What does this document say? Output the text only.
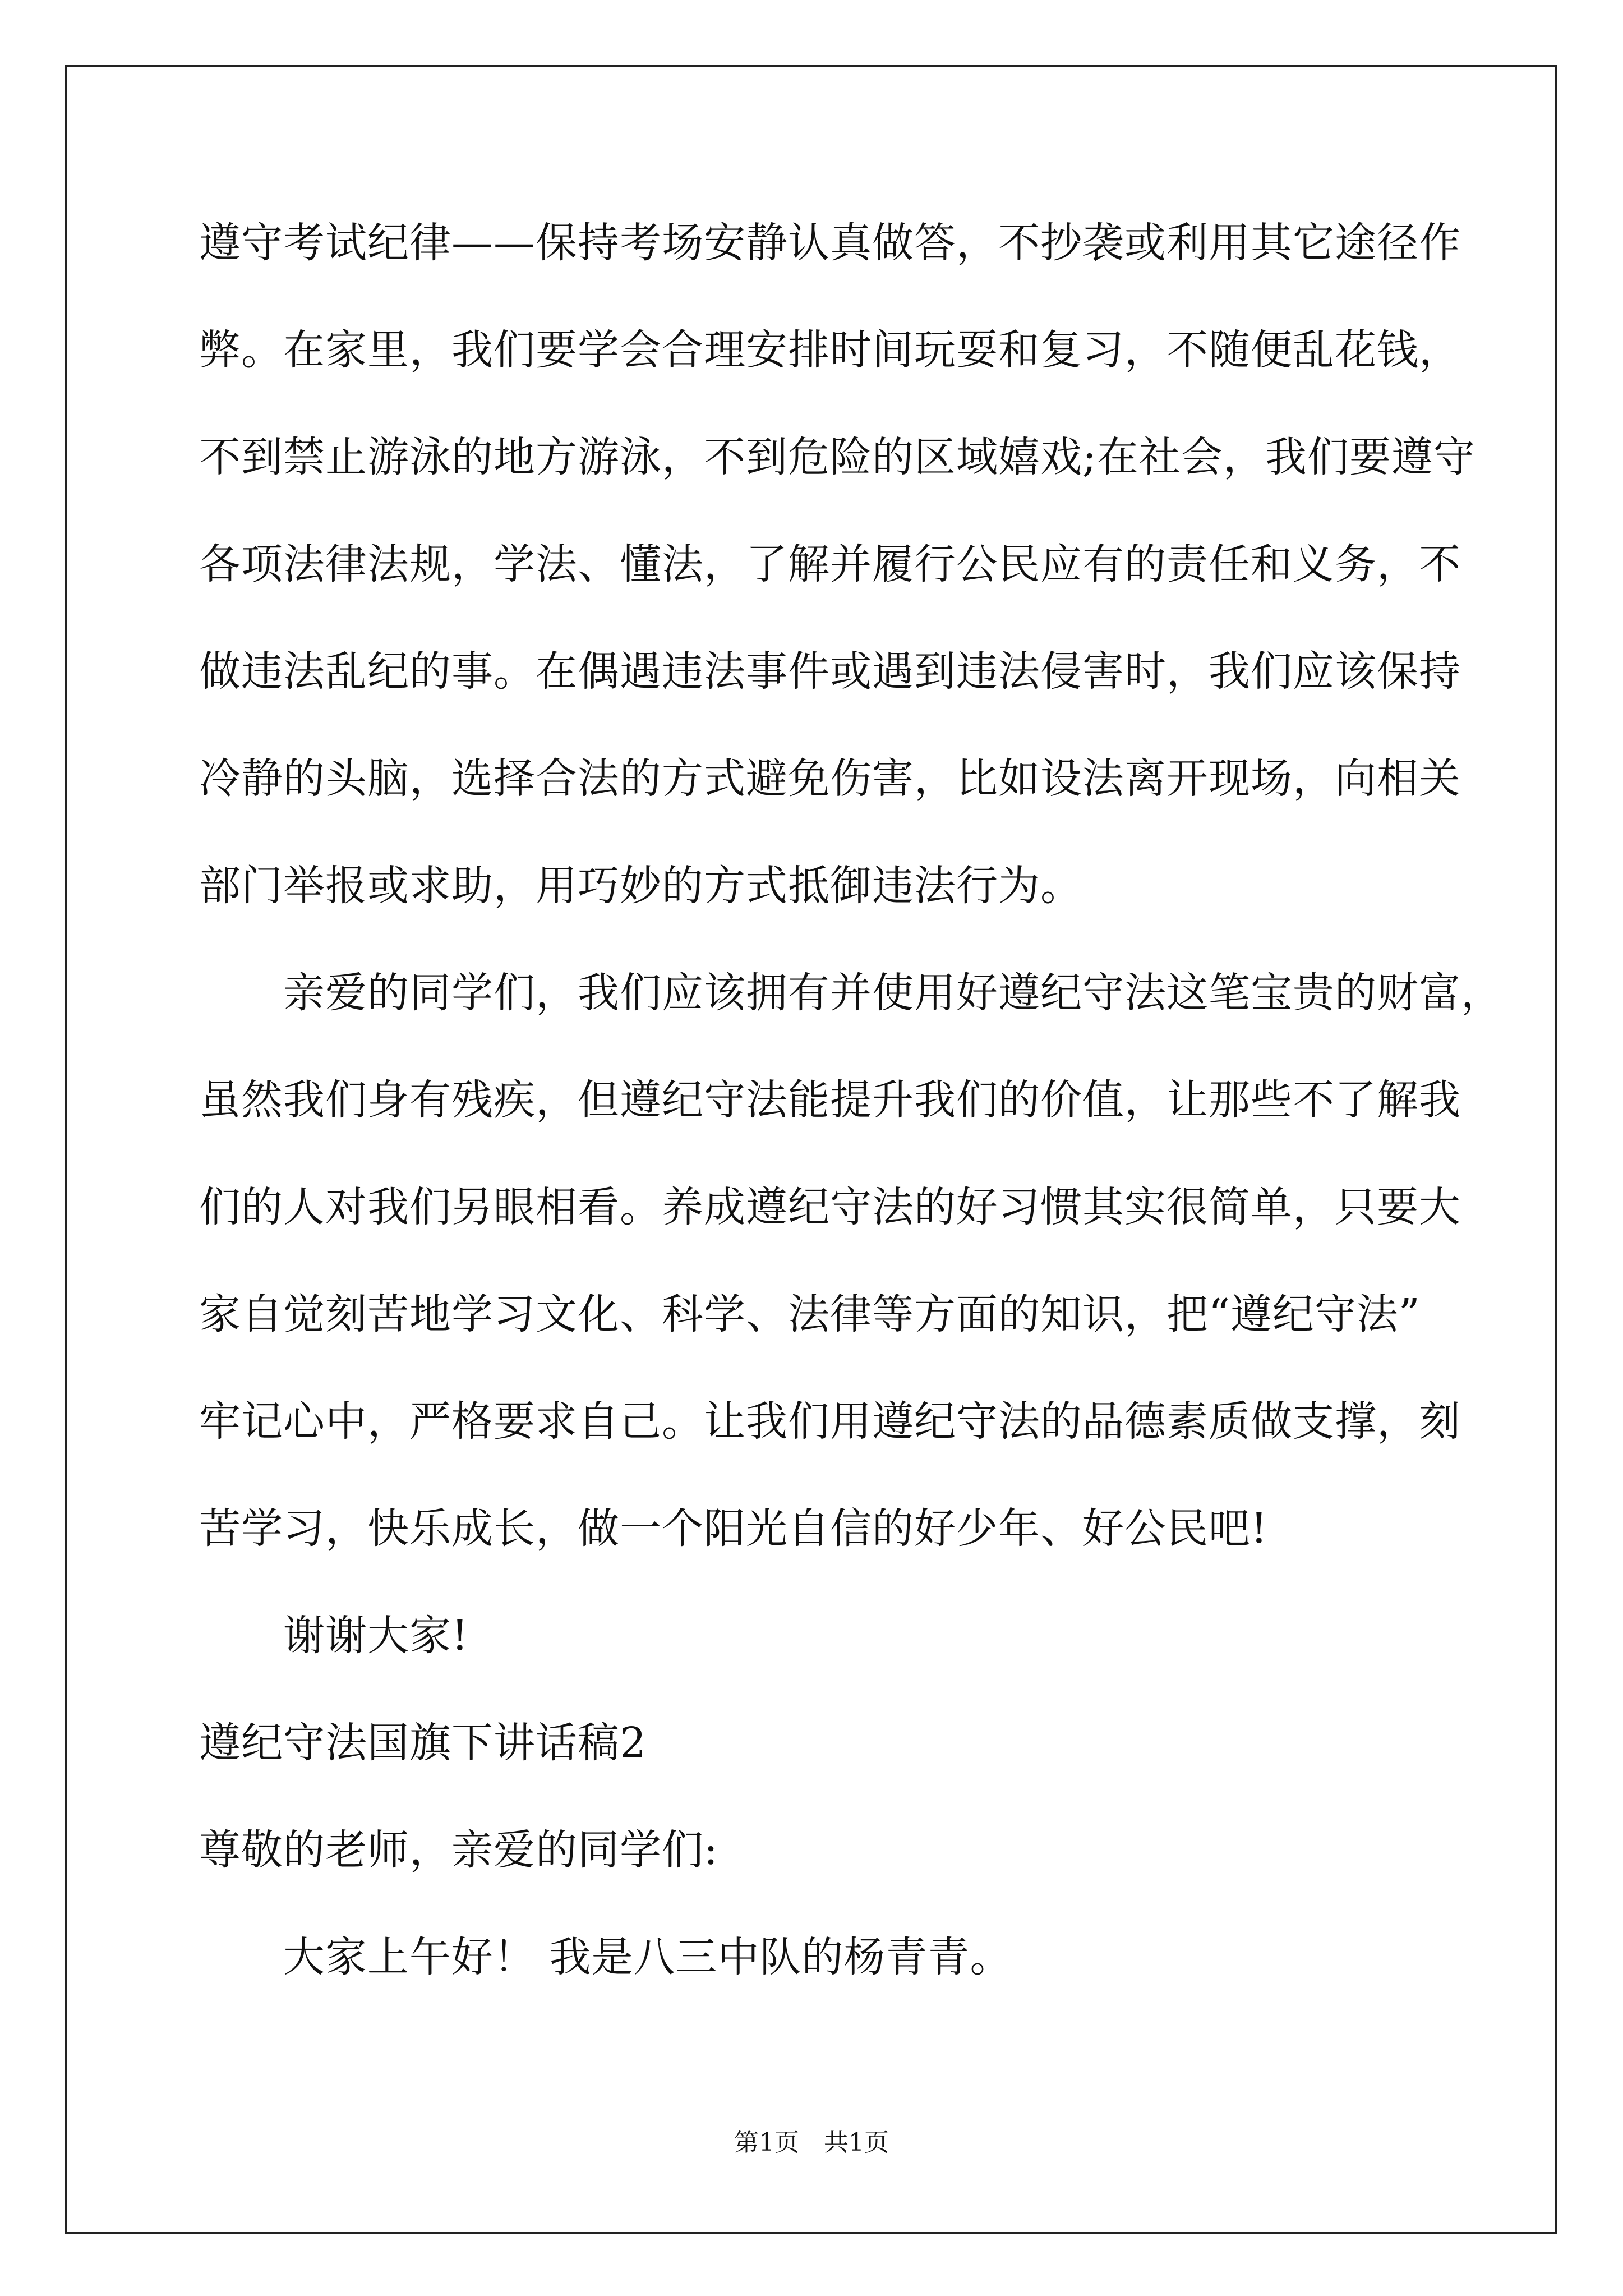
遵守考试纪律——保持考场安静认真做答，不抄袭或利用其它途径作
弊。在家里，我们要学会合理安排时间玩耍和复习，不随便乱花钱，
不到禁止游泳的地方游泳，不到危险的区域嬉戏;在社会，我们要遵守
各项法律法规，学法、懂法，了解并履行公民应有的责任和义务，不
做违法乱纪的事。在偶遇违法事件或遇到违法侵害时，我们应该保持
冷静的头脑，选择合法的方式避免伤害，比如设法离开现场，向相关
部门举报或求助，用巧妙的方式抵御违法行为。
亲爱的同学们，我们应该拥有并使用好遵纪守法这笔宝贵的财富，
虽然我们身有残疾，但遵纪守法能提升我们的价值，让那些不了解我
们的人对我们另眼相看。养成遵纪守法的好习惯其实很简单，只要大
家自觉刻苦地学习文化、科学、法律等方面的知识，把“遵纪守法”
牢记心中，严格要求自己。让我们用遵纪守法的品德素质做支撑，刻
苦学习，快乐成长，做一个阳光自信的好少年、好公民吧!
谢谢大家!
遵纪守法国旗下讲话稿2
尊敬的老师，亲爱的同学们:
大家上午好！ 我是八三中队的杨青青。
第1页 共1页
